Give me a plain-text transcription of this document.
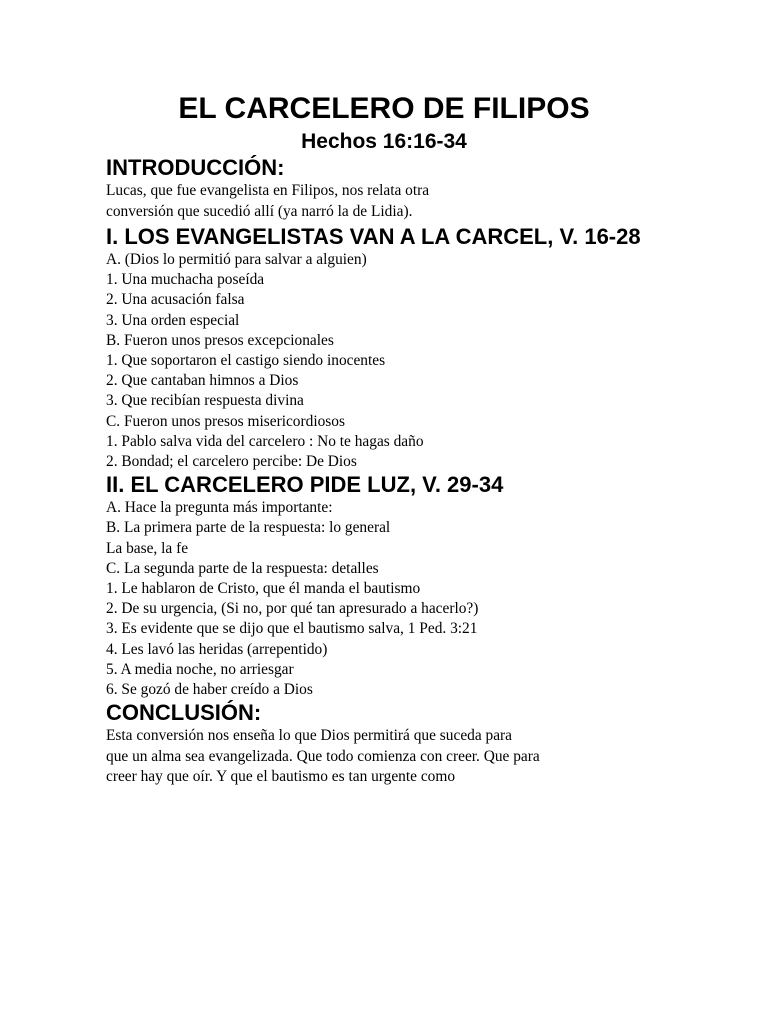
EL CARCELERO DE FILIPOS
Hechos 16:16-34
INTRODUCCIÓN:

Lucas, que fue evangelista en Filipos, nos relata otra

conversión que sucedió allí (ya narró la de Lidia).

I. LOS EVANGELISTAS VAN A LA CARCEL, V. 16-28

A. (Dios lo permitió para salvar a alguien)

1. Una muchacha poseída

2. Una acusación falsa

3. Una orden especial

B. Fueron unos presos excepcionales

1. Que soportaron el castigo siendo inocentes

2. Que cantaban himnos a Dios

3. Que recibían respuesta divina

C. Fueron unos presos misericordiosos

1. Pablo salva vida del carcelero : No te hagas daño

2. Bondad; el carcelero percibe: De Dios

II. EL CARCELERO PIDE LUZ, V. 29-34

A. Hace la pregunta más importante:

B. La primera parte de la respuesta: lo general

La base, la fe

C. La segunda parte de la respuesta: detalles

1. Le hablaron de Cristo, que él manda el bautismo

2. De su urgencia, (Si no, por qué tan apresurado a hacerlo?)

3. Es evidente que se dijo que el bautismo salva, 1 Ped. 3:21

4. Les lavó las heridas (arrepentido)

5. A media noche, no arriesgar

6. Se gozó de haber creído a Dios

CONCLUSIÓN:

Esta conversión nos enseña lo que Dios permitirá que suceda para

que un alma sea evangelizada. Que todo comienza con creer. Que para

creer hay que oír. Y que el bautismo es tan urgente como
